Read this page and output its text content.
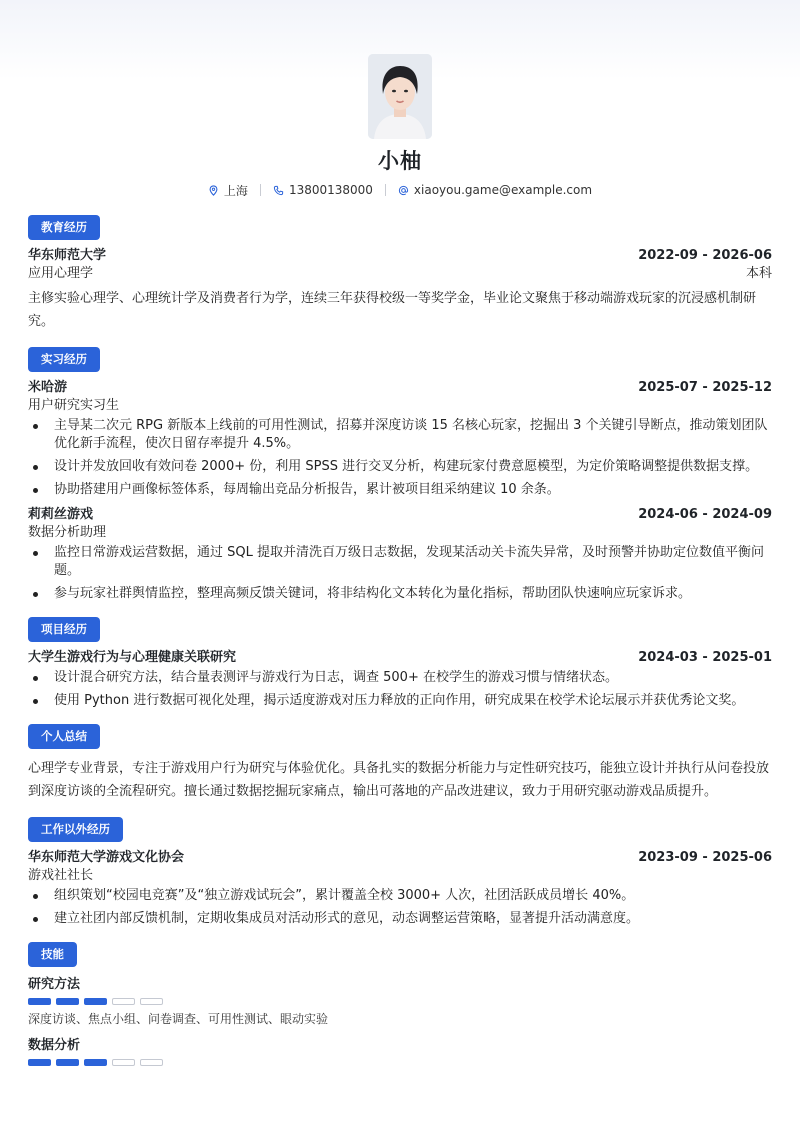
小柚
上海	13800138000	xiaoyou.game@example.com
教育经历
华东师范大学	2022-09 - 2026-06
应用心理学	本科
主修实验心理学、心理统计学及消费者行为学，连续三年获得校级一等奖学金，毕业论文聚焦于移动端游戏玩家的沉浸感机制研究。
实习经历
米哈游	2025-07 - 2025-12
用户研究实习生
主导某二次元 RPG 新版本上线前的可用性测试，招募并深度访谈 15 名核心玩家，挖掘出 3 个关键引导断点，推动策划团队优化新手流程，使次日留存率提升 4.5%。
设计并发放回收有效问卷 2000+ 份，利用 SPSS 进行交叉分析，构建玩家付费意愿模型，为定价策略调整提供数据支撑。
协助搭建用户画像标签体系，每周输出竞品分析报告，累计被项目组采纳建议 10 余条。
莉莉丝游戏	2024-06 - 2024-09
数据分析助理
监控日常游戏运营数据，通过 SQL 提取并清洗百万级日志数据，发现某活动关卡流失异常，及时预警并协助定位数值平衡问题。
参与玩家社群舆情监控，整理高频反馈关键词，将非结构化文本转化为量化指标，帮助团队快速响应玩家诉求。
项目经历
大学生游戏行为与心理健康关联研究	2024-03 - 2025-01
设计混合研究方法，结合量表测评与游戏行为日志，调查 500+ 在校学生的游戏习惯与情绪状态。
使用 Python 进行数据可视化处理，揭示适度游戏对压力释放的正向作用，研究成果在校学术论坛展示并获优秀论文奖。
个人总结
心理学专业背景，专注于游戏用户行为研究与体验优化。具备扎实的数据分析能力与定性研究技巧，能独立设计并执行从问卷投放到深度访谈的全流程研究。擅长通过数据挖掘玩家痛点，输出可落地的产品改进建议，致力于用研究驱动游戏品质提升。
工作以外经历
华东师范大学游戏文化协会	2023-09 - 2025-06
游戏社社长
组织策划“校园电竞赛”及“独立游戏试玩会”，累计覆盖全校 3000+ 人次，社团活跃成员增长 40%。
建立社团内部反馈机制，定期收集成员对活动形式的意见，动态调整运营策略，显著提升活动满意度。
技能
研究方法
深度访谈、焦点小组、问卷调查、可用性测试、眼动实验
数据分析
